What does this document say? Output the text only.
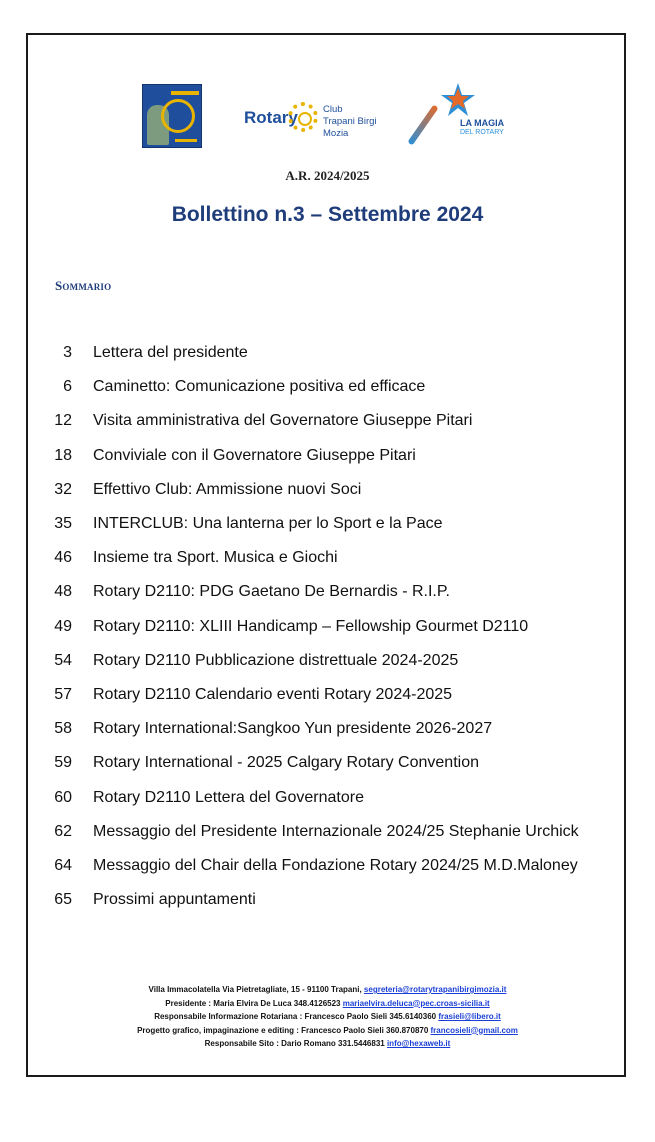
Rotary	Club
Trapani Birgi Mozia
LA MAGIA
DEL ROTARY
A.R. 2024/2025
Bollettino n.3 – Settembre 2024
Sommario
3 Lettera del presidente
6 Caminetto: Comunicazione positiva ed efficace
12 Visita amministrativa del Governatore Giuseppe Pitari
18 Conviviale con il Governatore Giuseppe Pitari
32 Effettivo Club: Ammissione nuovi Soci
35 INTERCLUB: Una lanterna per lo Sport e la Pace
46 Insieme tra Sport. Musica e Giochi
48 Rotary D2110: PDG Gaetano De Bernardis - R.I.P.
49 Rotary D2110: XLIII Handicamp – Fellowship Gourmet D2110
54 Rotary D2110 Pubblicazione distrettuale 2024-2025
57 Rotary D2110 Calendario eventi Rotary 2024-2025
58 Rotary International:Sangkoo Yun presidente 2026-2027
59 Rotary International - 2025 Calgary Rotary Convention
60 Rotary D2110 Lettera del Governatore
62 Messaggio del Presidente Internazionale 2024/25 Stephanie Urchick
64 Messaggio del Chair della Fondazione Rotary 2024/25 M.D.Maloney
65 Prossimi appuntamenti
Villa Immacolatella Via Pietretagliate, 15 - 91100 Trapani, segreteria@rotarytrapanibirgimozia.it
Presidente : Maria Elvira De Luca 348.4126523 mariaelvira.deluca@pec.croas-sicilia.it
Responsabile Informazione Rotariana : Francesco Paolo Sieli 345.6140360 frasieli@libero.it
Progetto grafico, impaginazione e editing : Francesco Paolo Sieli 360.870870 francosieli@gmail.com
Responsabile Sito : Dario Romano 331.5446831 info@hexaweb.it
